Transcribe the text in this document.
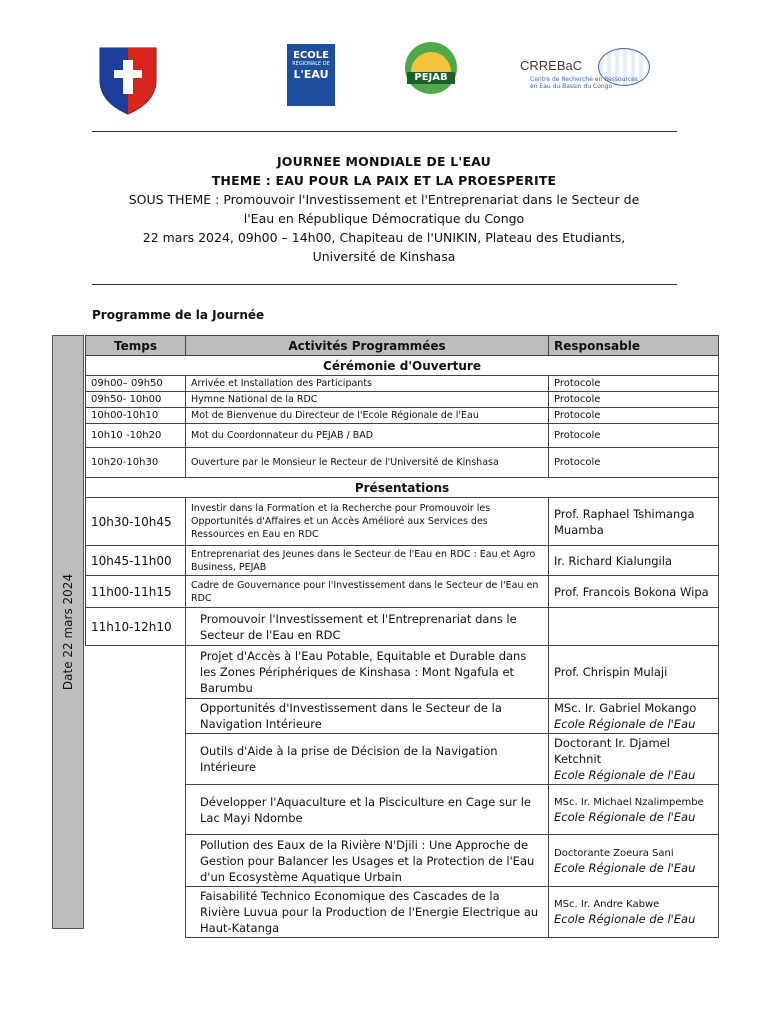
ECOLE
RÉGIONALE DE
L'EAU	PEJAB
CRREBaC
Centre de Recherche en Ressources
en Eau du Bassin du Congo
JOURNEE MONDIALE DE L'EAU
THEME : EAU POUR LA PAIX ET LA PROESPERITE
SOUS THEME : Promouvoir l'Investissement et l'Entreprenariat dans le Secteur de
l'Eau en République Démocratique du Congo
22 mars 2024, 09h00 – 14h00, Chapiteau de l'UNIKIN, Plateau des Etudiants,
Université de Kinshasa
Programme de la Journée
Date 22 mars 2024
Temps	Activités Programmées	Responsable
Cérémonie d'Ouverture		
09h00– 09h50	Arrivée et Installation des Participants	Protocole
09h50- 10h00	Hymne National de la RDC	Protocole
10h00-10h10	Mot de Bienvenue du Directeur de l'Ecole Régionale de l'Eau	Protocole
10h10 -10h20	Mot du Coordonnateur du PEJAB / BAD	Protocole
10h20-10h30	Ouverture par le Monsieur le Recteur de l'Université de Kinshasa	Protocole
Présentations		
10h30-10h45	Investir dans la Formation et la Recherche pour Promouvoir les Opportunités d'Affaires et un Accès Amélioré aux Services des Ressources en Eau en RDC	Prof. Raphael Tshimanga Muamba
10h45-11h00	Entreprenariat des Jeunes dans le Secteur de l'Eau en RDC : Eau et Agro Business, PEJAB	Ir. Richard Kialungila
11h00-11h15	Cadre de Gouvernance pour l'Investissement dans le Secteur de l'Eau en RDC	Prof. Francois Bokona Wipa
11h10-12h10	Promouvoir l'Investissement et l'Entreprenariat dans le Secteur de l'Eau en RDC	
	Projet d'Accès à l'Eau Potable, Equitable et Durable dans les Zones Périphériques de Kinshasa : Mont Ngafula et Barumbu	Prof. Chrispin Mulaji

	Opportunités d'Investissement dans le Secteur de la Navigation Intérieure	MSc. Ir. Gabriel Mokango
Ecole Régionale de l'Eau

	Outils d'Aide à la prise de Décision de la Navigation Intérieure	Doctorant Ir. Djamel Ketchnit
Ecole Régionale de l'Eau

	Développer l'Aquaculture et la Pisciculture en Cage sur le Lac Mayi Ndombe	MSc. Ir. Michael Nzalimpembe
Ecole Régionale de l'Eau

	Pollution des Eaux de la Rivière N'Djili : Une Approche de Gestion pour Balancer les Usages et la Protection de l'Eau d'un Ecosystème Aquatique Urbain	Doctorante Zoeura Sani
Ecole Régionale de l'Eau

	Faisabilité Technico Economique des Cascades de la Rivière Luvua pour la Production de l'Energie Electrique au Haut-Katanga	MSc. Ir. Andre Kabwe
Ecole Régionale de l'Eau
